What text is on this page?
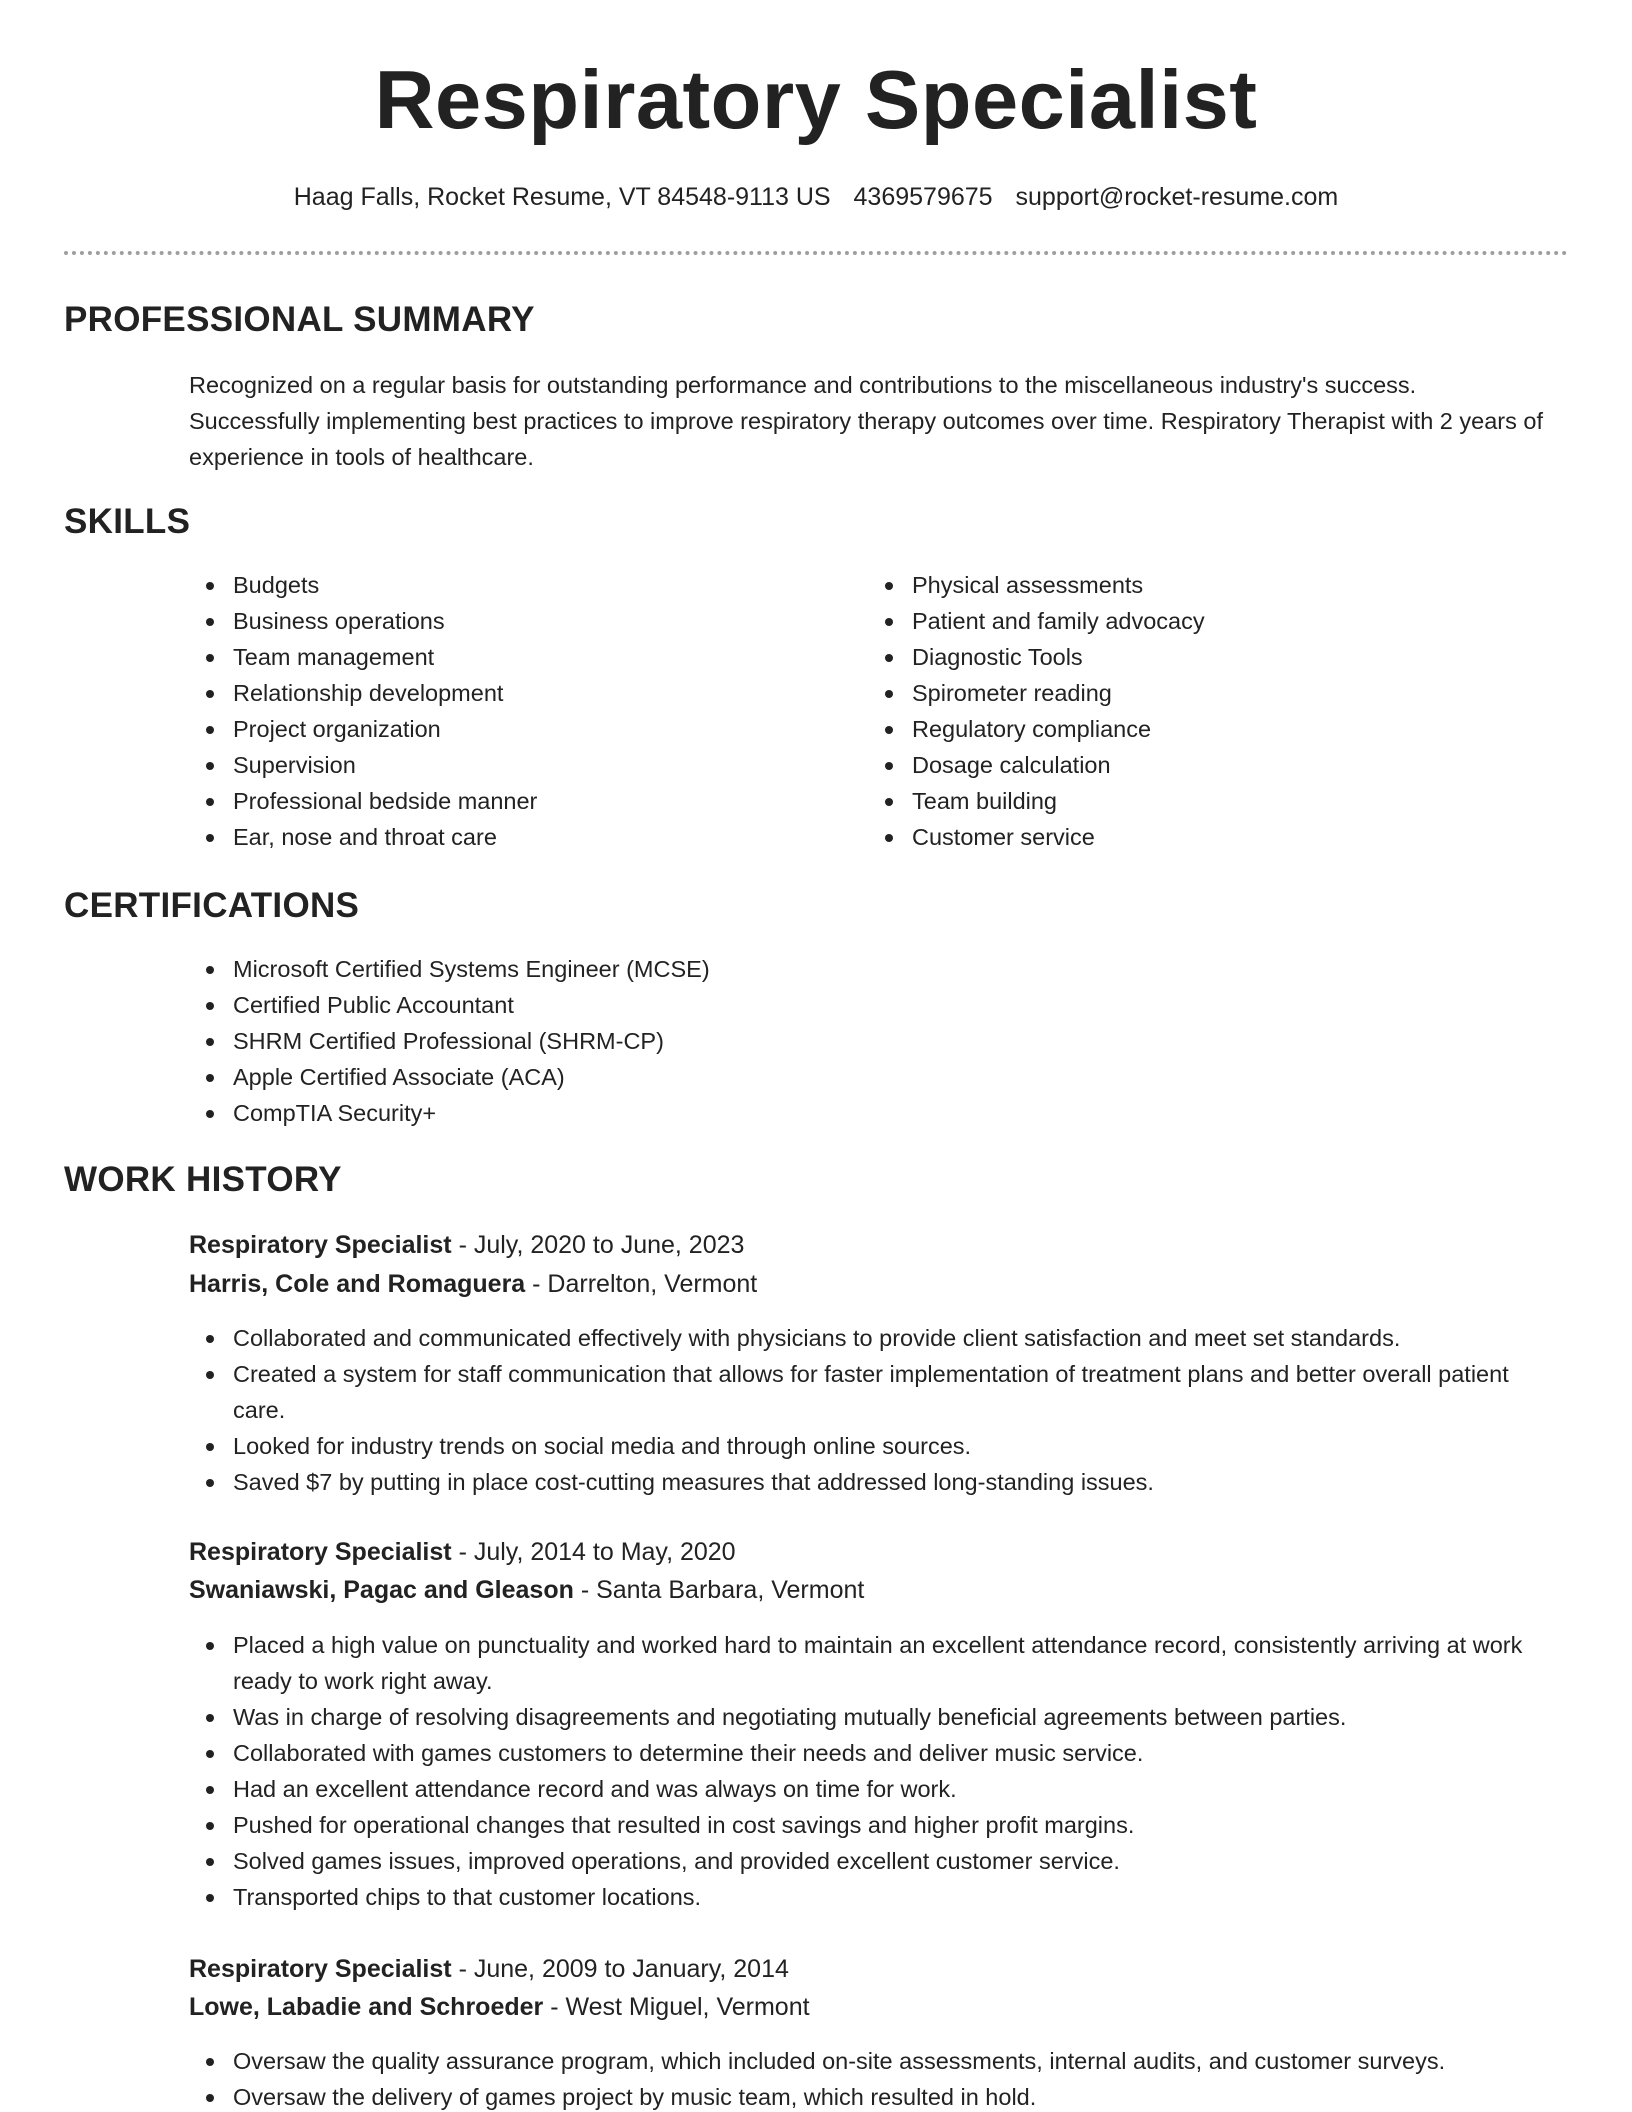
Respiratory Specialist
Haag Falls, Rocket Resume, VT 84548-9113 US 4369579675 support@rocket-resume.com
PROFESSIONAL SUMMARY
Recognized on a regular basis for outstanding performance and contributions to the miscellaneous industry's success. Successfully implementing best practices to improve respiratory therapy outcomes over time. Respiratory Therapist with 2 years of experience in tools of healthcare.
SKILLS
Budgets
Business operations
Team management
Relationship development
Project organization
Supervision
Professional bedside manner
Ear, nose and throat care
Physical assessments
Patient and family advocacy
Diagnostic Tools
Spirometer reading
Regulatory compliance
Dosage calculation
Team building
Customer service
CERTIFICATIONS
Microsoft Certified Systems Engineer (MCSE)
Certified Public Accountant
SHRM Certified Professional (SHRM-CP)
Apple Certified Associate (ACA)
CompTIA Security+
WORK HISTORY
Respiratory Specialist - July, 2020 to June, 2023
Harris, Cole and Romaguera - Darrelton, Vermont
Collaborated and communicated effectively with physicians to provide client satisfaction and meet set standards.
Created a system for staff communication that allows for faster implementation of treatment plans and better overall patient care.
Looked for industry trends on social media and through online sources.
Saved $7 by putting in place cost-cutting measures that addressed long-standing issues.
Respiratory Specialist - July, 2014 to May, 2020
Swaniawski, Pagac and Gleason - Santa Barbara, Vermont
Placed a high value on punctuality and worked hard to maintain an excellent attendance record, consistently arriving at work ready to work right away.
Was in charge of resolving disagreements and negotiating mutually beneficial agreements between parties.
Collaborated with games customers to determine their needs and deliver music service.
Had an excellent attendance record and was always on time for work.
Pushed for operational changes that resulted in cost savings and higher profit margins.
Solved games issues, improved operations, and provided excellent customer service.
Transported chips to that customer locations.
Respiratory Specialist - June, 2009 to January, 2014
Lowe, Labadie and Schroeder - West Miguel, Vermont
Oversaw the quality assurance program, which included on-site assessments, internal audits, and customer surveys.
Oversaw the delivery of games project by music team, which resulted in hold.
